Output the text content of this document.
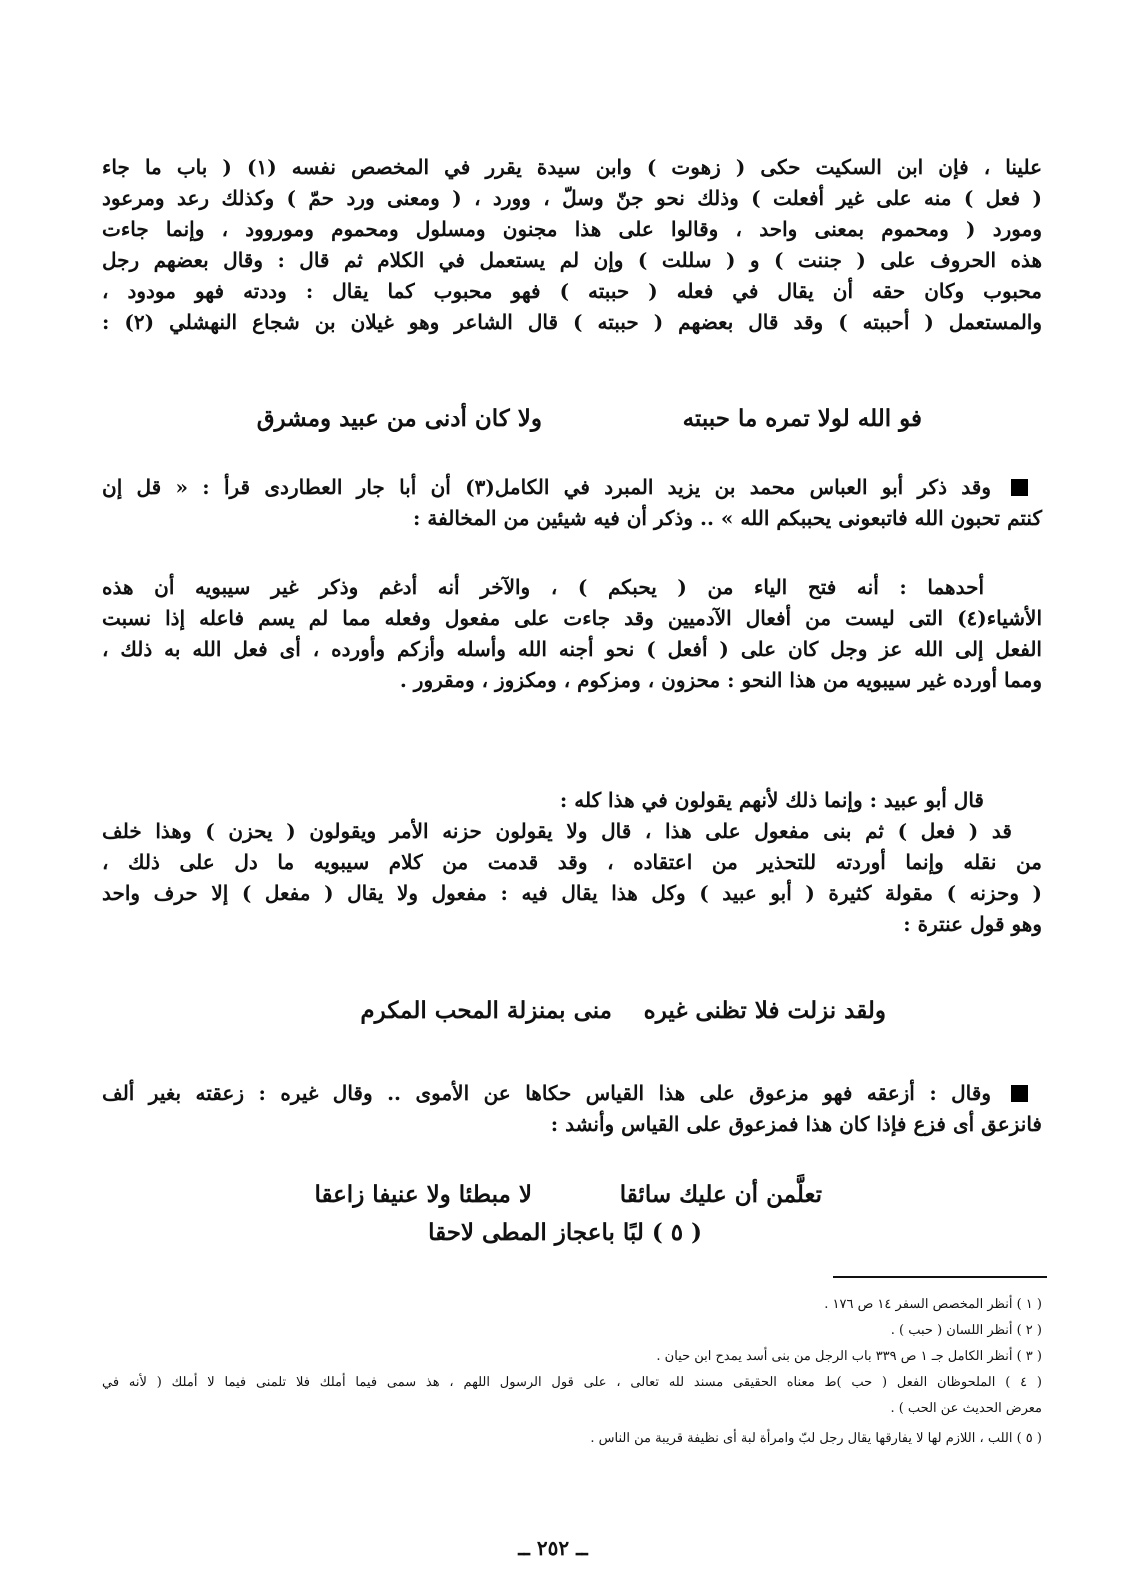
علينا ، فإن ابن السكيت حكى ( زهوت ) وابن سيدة يقرر في المخصص نفسه (١) ( باب ما جاء
( فعل ) منه على غير أفعلت ) وذلك نحو جنّ وسلّ ، وورد ، ( ومعنى ورد حمّ ) وكذلك رعد ومرعود
ومورد ( ومحموم بمعنى واحد ، وقالوا على هذا مجنون ومسلول ومحموم وموروود ، وإنما جاءت
هذه الحروف على ( جننت ) و ( سللت ) وإن لم يستعمل في الكلام ثم قال : وقال بعضهم رجل
محبوب وكان حقه أن يقال في فعله ( حببته ) فهو محبوب كما يقال : وددته فهو مودود ،
والمستعمل ( أحببته ) وقد قال بعضهم ( حببته ) قال الشاعر وهو غيلان بن شجاع النهشلي (٢) :
فو الله لولا تمره ما حببته
ولا كان أدنى من عبيد ومشرق
وقد ذكر أبو العباس محمد بن يزيد المبرد في الكامل(٣) أن أبا جار العطاردى قرأ : « قل إن
كنتم تحبون الله فاتبعونى يحببكم الله » .. وذكر أن فيه شيئين من المخالفة :
أحدهما : أنه فتح الياء من ( يحبكم ) ، والآخر أنه أدغم وذكر غير سيبويه أن هذه
الأشياء(٤) التى ليست من أفعال الآدميين وقد جاءت على مفعول وفعله مما لم يسم فاعله إذا نسبت
الفعل إلى الله عز وجل كان على ( أفعل ) نحو أجنه الله وأسله وأزكم وأورده ، أى فعل الله به ذلك ،
ومما أورده غير سيبويه من هذا النحو : محزون ، ومزكوم ، ومكزوز ، ومقرور .
قال أبو عبيد : وإنما ذلك لأنهم يقولون في هذا كله :
قد ( فعل ) ثم بنى مفعول على هذا ، قال ولا يقولون حزنه الأمر ويقولون ( يحزن ) وهذا خلف
من نقله وإنما أوردته للتحذير من اعتقاده ، وقد قدمت من كلام سيبويه ما دل على ذلك ،
( وحزنه ) مقولة كثيرة ( أبو عبيد ) وكل هذا يقال فيه : مفعول ولا يقال ( مفعل ) إلا حرف واحد
وهو قول عنترة :
ولقد نزلت فلا تظنى غيره
منى بمنزلة المحب المكرم
وقال : أزعقه فهو مزعوق على هذا القياس حكاها عن الأموى .. وقال غيره : زعقته بغير ألف
فانزعق أى فزع فإذا كان هذا فمزعوق على القياس وأنشد :
تعلَّمن أن عليك سائقا
لا مبطئا ولا عنيفا زاعقا
( ٥ ) لبًا باعجاز المطى لاحقا
( ١ ) أنظر المخصص السفر ١٤ ص ١٧٦ .
( ٢ ) أنظر اللسان ( حبب ) .
( ٣ ) أنظر الكامل جـ ١ ص ٣٣٩ باب الرجل من بنى أسد يمدح ابن حيان .
( ٤ ) الملحوظان الفعل ( حب )ط معناه الحقيقى مسند لله تعالى ، على قول الرسول اللهم ، هذ سمى فيما أملك فلا تلمنى فيما لا أملك ( لأنه في
معرض الحديث عن الحب ) .
( ٥ ) اللب ، اللازم لها لا يفارقها يقال رجل لبّ وامرأة لبة أى نظيفة قريبة من الناس .
ــ ٢٥٢ ــ
